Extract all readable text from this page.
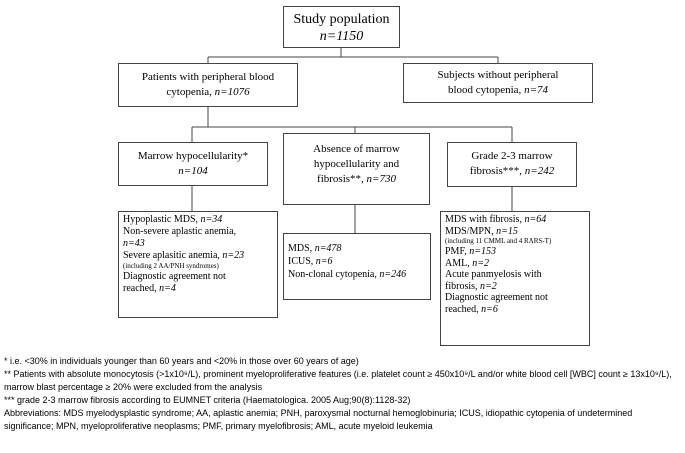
Study population
n=1150
Patients with peripheral blood
cytopenia, n=1076
Subjects without peripheral
blood cytopenia, n=74
Marrow hypocellularity*
n=104
Absence of marrow
hypocellularity and
fibrosis**, n=730
Grade 2-3 marrow
fibrosis***, n=242
Hypoplastic MDS, n=34
Non-severe aplastic anemia,
n=43
Severe aplasitic anemia, n=23
(including 2 AA/PNH syndromes)
Diagnostic agreement not
reached, n=4
MDS, n=478
ICUS, n=6
Non-clonal cytopenia, n=246
MDS with fibrosis, n=64
MDS/MPN, n=15
(including 11 CMML and 4 RARS-T)
PMF, n=153
AML, n=2
Acute panmyelosis with
fibrosis, n=2
Diagnostic agreement not
reached, n=6
* i.e. <30% in individuals younger than 60 years and <20% in those over 60 years of age)
** Patients with absolute monocytosis (>1x10⁹/L), prominent myeloproliferative features (i.e. platelet count ≥ 450x10⁹/L and/or white blood cell [WBC] count ≥ 13x10⁹/L), marrow blast percentage ≥ 20% were excluded from the analysis
*** grade 2-3 marrow fibrosis according to EUMNET criteria (Haematologica. 2005 Aug;90(8):1128-32)
Abbreviations: MDS myelodysplastic syndrome; AA, aplastic anemia; PNH, paroxysmal nocturnal hemoglobinuria; ICUS, idiopathic cytopenia of undetermined significance; MPN, myeloproliferative neoplasms; PMF, primary myelofibrosis; AML, acute myeloid leukemia
